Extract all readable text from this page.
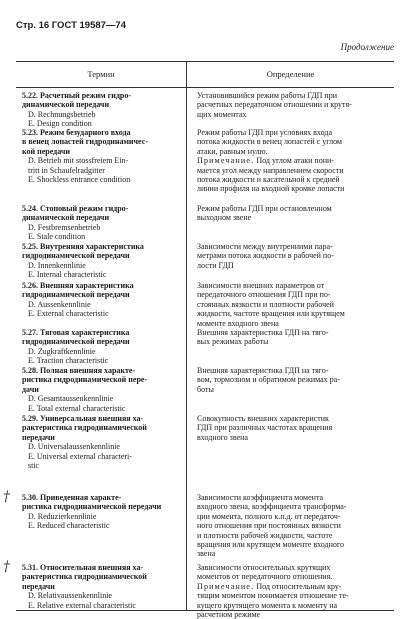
Стр. 16 ГОСТ 19587—74
Продолжение
Термин	Определение
5.22. Расчетный режим гидро-
динамической передачи
D. Rechnungsbetrieb
E. Design condition
5.23. Режим безударного входа
в венец лопастей гидродинамичес-
кой передачи
D. Betrieb mit stossfreiem Ein-
tritt in Schaufelradgitter
E. Shockless entrance condition
5.24. Стоповый режим гидро-
динамической передачи
D. Festbremsenbetrieb
E. Stale condition
5.25. Внутренняя характеристика
гидродинамической передачи
D. Innenkennlinie
E. Internal characteristic
5.26. Внешняя характеристика
гидродинамической передачи
D. Aussenkennlinie
E. External characteristic
5.27. Тяговая характеристика
гидродинамической передачи
D. Zugkraftkennlinie
E. Traction characteristic
5.28. Полная внешняя характе-
ристика гидродинамической пере-
дачи
D. Gesamtaussenkennlinie
E. Total external characteristic
5.29. Универсальная внешняя ха-
рактеристика гидродинамической
передачи
D. Universalaussenkennlinie
E. Universal external characteri-
stic
5.30. Приведенная характе-
ристика гидродинамической передачи
D. Reduzierkennlinie
E. Reduced characteristic
5.31. Относительная внешняя ха-
рактеристика гидродинамической
передачи
D. Relativaussenkennlinie
E. Relative external characteristic
†
†
Установившийся режим работы ГДП при
расчетных передаточном отношении и крутя-
щих моментах
Режим работы ГДП при условиях входа
потока жидкости в венец лопастей с углом
атаки, равным нулю.
Примечание. Под углом атаки пони-
мается угол между направлением скорости
потока жидкости и касательной к средней
линии профиля на входной кромке лопасти
Режим работы ГДП при остановленном
выходном звене
Зависимости между внутренними пара-
метрами потока жидкости в рабочей по-
лости ГДП
Зависимости внешних параметров от
передаточного отношения ГДП при по-
стоянных вязкости и плотности рабочей
жидкости, частоте вращения или крутящем
моменте входного звена
Внешняя характеристика ГДП на тяго-
вых режимах работы
Внешняя характеристика ГДП на тяго-
вом, тормозном и обратимом режимах ра-
боты
Совокупность внешних характеристик
ГДП при различных частотах вращения
входного звена
Зависимости коэффициента момента
входного звена, коэффициента трансформа-
ции момента, полного к.п.д. от передаточ-
ного отношения при постоянных вязкости
и плотности рабочей жидкости, частоте
вращения или крутящем моменте входного
звена
Зависимости относительных крутящих
моментов от передаточного отношения.
Примечание. Под относительным кру-
тящим моментом понимается отношение те-
кущего крутящего момента к моменту на
расчетном режиме
